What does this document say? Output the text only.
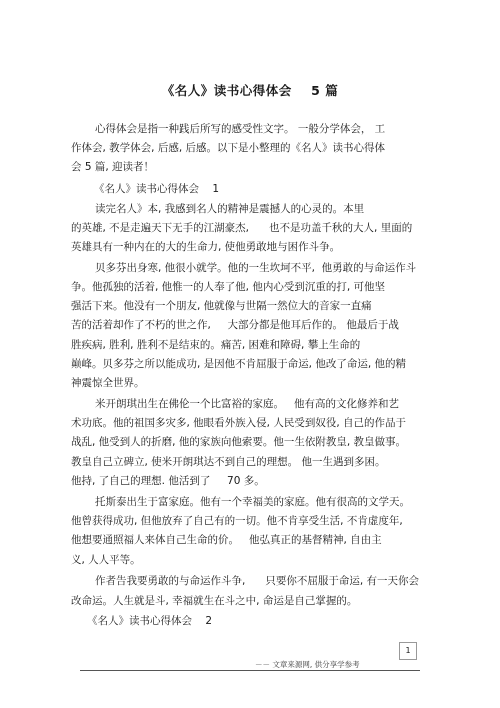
《名人》读书心得体会    5 篇
心得体会是指一种践后所写的感受性文字。 一般分学体会， 工
作体会, 教学体会, 后感, 后感。以下是小整理的《名人》读书心得体
会 5 篇, 迎读者！
《名人》读书心得体会    1
读完名人》本, 我感到名人的精神是震撼人的心灵的。本里
的英雄, 不是走遍天下无手的江湖豪杰,      也不是功盖千秋的大人, 里面的
英雄具有一种内在的大的生命力, 使他勇敢地与困作斗争。
贝多芬出身寒, 他很小就学。他的一生坎坷不平,  他勇敢的与命运作斗
争。他孤独的活着, 他惟一的人奉了他, 他内心受到沉重的打, 可他坚
强活下来。他没有一个朋友, 他就像与世隔一然位大的音家一直痛
苦的活着却作了不朽的世之作,     大部分都是他耳后作的。 他最后于战
胜疾病, 胜利, 胜利不是结束的。痛苦, 困难和障碍, 攀上生命的
巅峰。贝多芬之所以能成功, 是因他不肯屈服于命运, 他改了命运, 他的精
神震惊全世界。
米开朗琪出生在佛伦一个比富裕的家庭。   他有高的文化修养和艺
术功底。他的祖国多灾多, 他眼看外族入侵, 人民受到奴役, 自己的作品于
战乱, 他受到人的折磨, 他的家族向他索要。他一生依附教皇, 教皇做事。
教皇自己立碑立, 使米开朗琪达不到自己的理想。 他一生遇到多困。
他持, 了自己的理想. 他活到了     70 多。
托斯泰出生于富家庭。他有一个幸福美的家庭。他有很高的文学天。
他曾获得成功, 但他放弃了自己有的一切。他不肯享受生活, 不肯虚度年,
他想要通照福人来体自己生命的价。   他弘真正的基督精神, 自由主
义, 人人平等。
作者告我要勇敢的与命运作斗争,      只要你不屈服于命运, 有一天你会
改命运。人生就是斗, 幸福就生在斗之中, 命运是自己掌握的。
《名人》读书心得体会    2
1
－－ 文章来源网, 供分享学参考
